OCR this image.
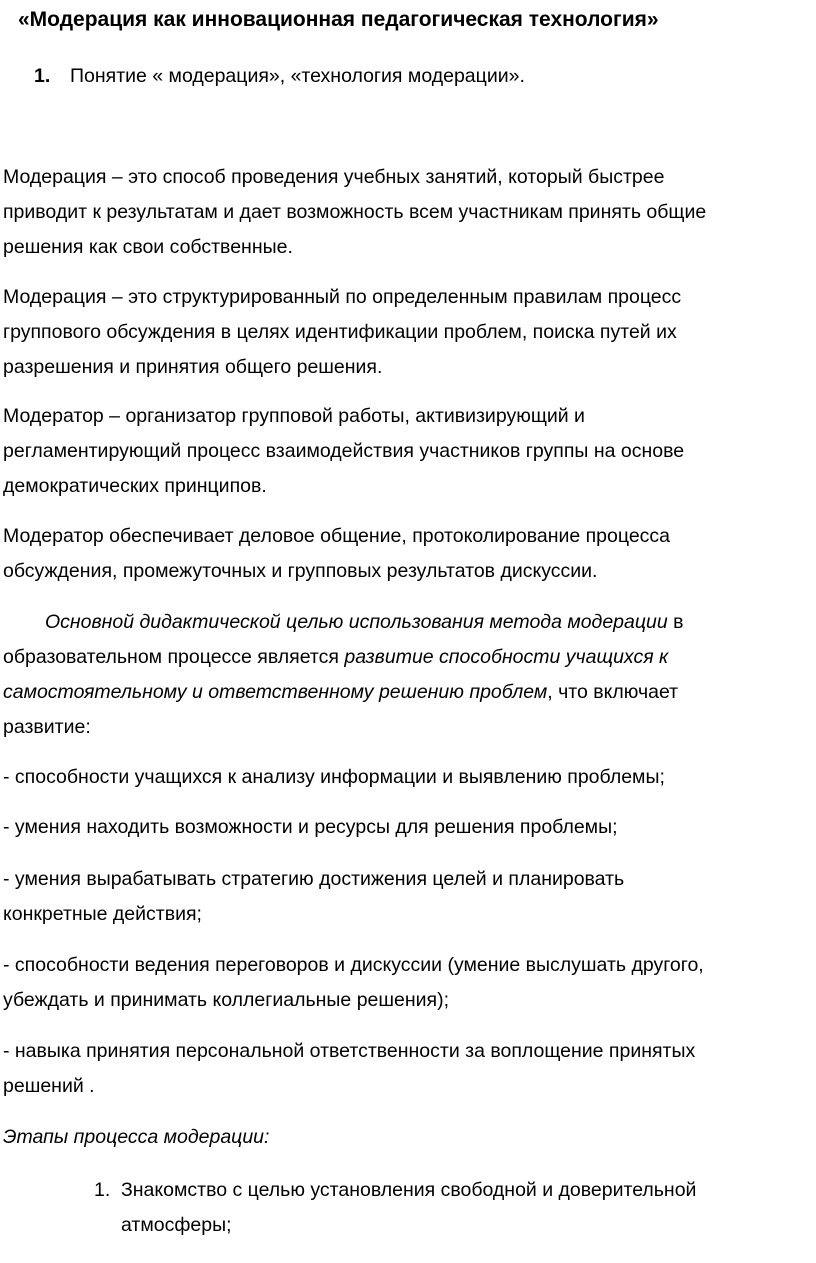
«Модерация как инновационная педагогическая технология»
1. Понятие « модерация», «технология модерации».
Модерация – это способ проведения учебных занятий, который быстрее
приводит к результатам и дает возможность всем участникам принять общие
решения как свои собственные.
Модерация – это структурированный по определенным правилам процесс
группового обсуждения в целях идентификации проблем, поиска путей их
разрешения и принятия общего решения.
Модератор – организатор групповой работы, активизирующий и
регламентирующий процесс взаимодействия участников группы на основе
демократических принципов.
Модератор обеспечивает деловое общение, протоколирование процесса
обсуждения, промежуточных и групповых результатов дискуссии.
Основной дидактической целью использования метода модерации в
образовательном процессе является развитие способности учащихся к
самостоятельному и ответственному решению проблем, что включает
развитие:
- способности учащихся к анализу информации и выявлению проблемы;
- умения находить возможности и ресурсы для решения проблемы;
- умения вырабатывать стратегию достижения целей и планировать
конкретные действия;
- способности ведения переговоров и дискуссии (умение выслушать другого,
убеждать и принимать коллегиальные решения);
- навыка принятия персональной ответственности за воплощение принятых
решений .
Этапы процесса модерации:
1. Знакомство с целью установления свободной и доверительной
атмосферы;
